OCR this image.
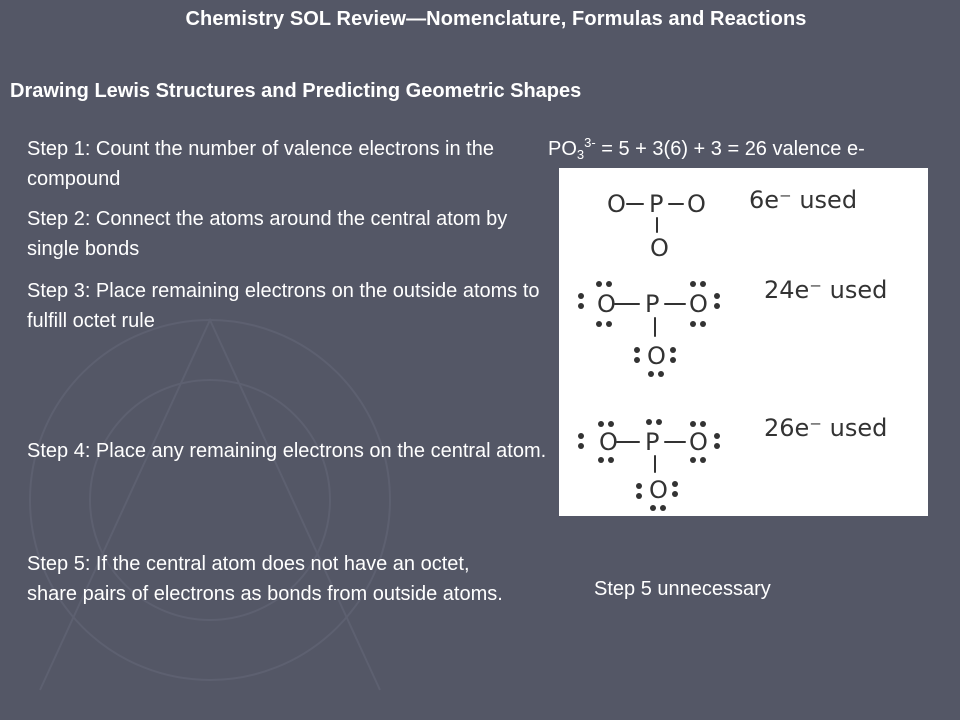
Chemistry SOL Review—Nomenclature, Formulas and Reactions
Drawing Lewis Structures and Predicting Geometric Shapes
Step 1: Count the number of valence electrons in the compound
Step 2: Connect the atoms around the central atom by single bonds
Step 3: Place remaining electrons on the outside atoms to fulfill octet rule
Step 4: Place any remaining electrons on the central atom.
Step 5: If the central atom does not have an octet, share pairs of electrons as bonds from outside atoms.
$PO_3^{3-} = 5 + 3(6) + 3 = 26$ valence e-
O P O
O
6e⁻ used
O P O
O
24e⁻ used
O P O
O
26e⁻ used
Step 5 unnecessary
